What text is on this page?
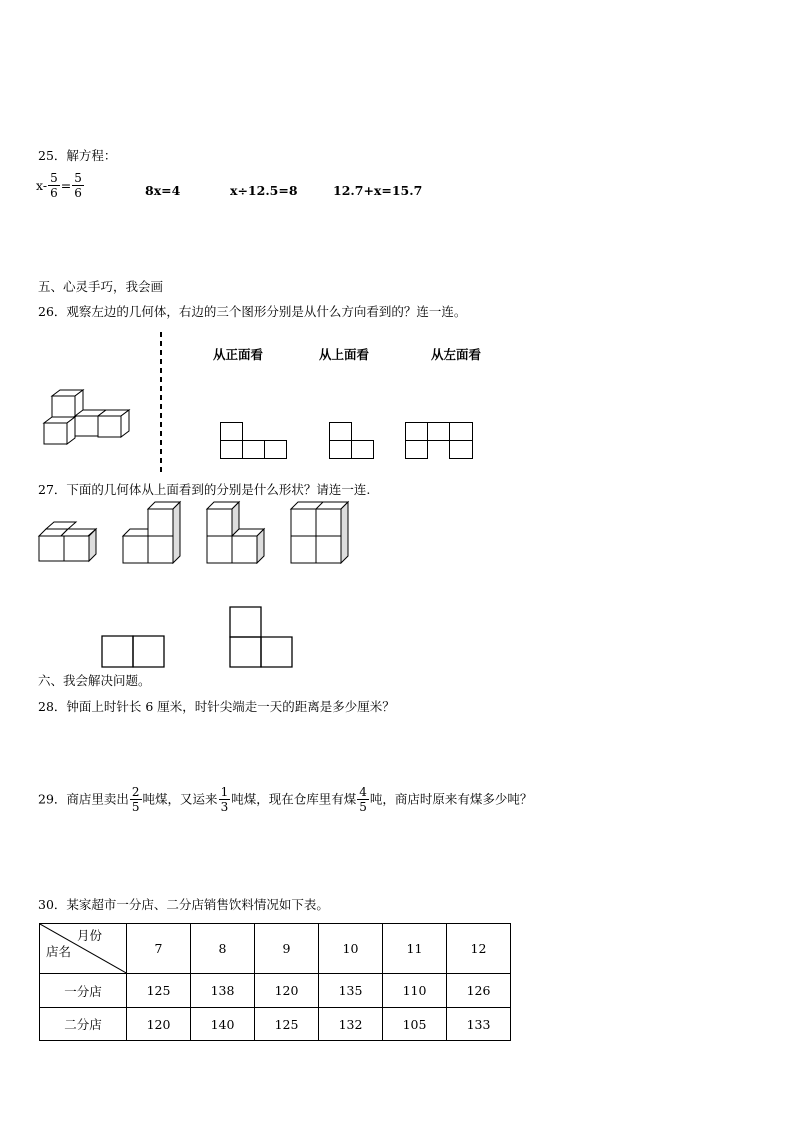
25．解方程：
$x- \frac{5}{6} = \frac{5}{6}$	8x=4	x÷12.5=8	12.7+x=15.7
五、心灵手巧，我会画
26．观察左边的几何体，右边的三个图形分别是从什么方向看到的？连一连。
从正面看	从上面看	从左面看
27．下面的几何体从上面看到的分别是什么形状？请连一连.
六、我会解决问题。
28．钟面上时针长 6 厘米，时针尖端走一天的距离是多少厘米？
29．商店里卖出 $\frac{2}{5}$ 吨煤，又运来 $\frac{1}{3}$ 吨煤，现在仓库里有煤 $\frac{4}{5}$ 吨，商店时原来有煤多少吨？
30．某家超市一分店、二分店销售饮料情况如下表。
月份
店名	7	8	9	10	11	12
一分店	125	138	120	135	110	126
二分店	120	140	125	132	105	133
